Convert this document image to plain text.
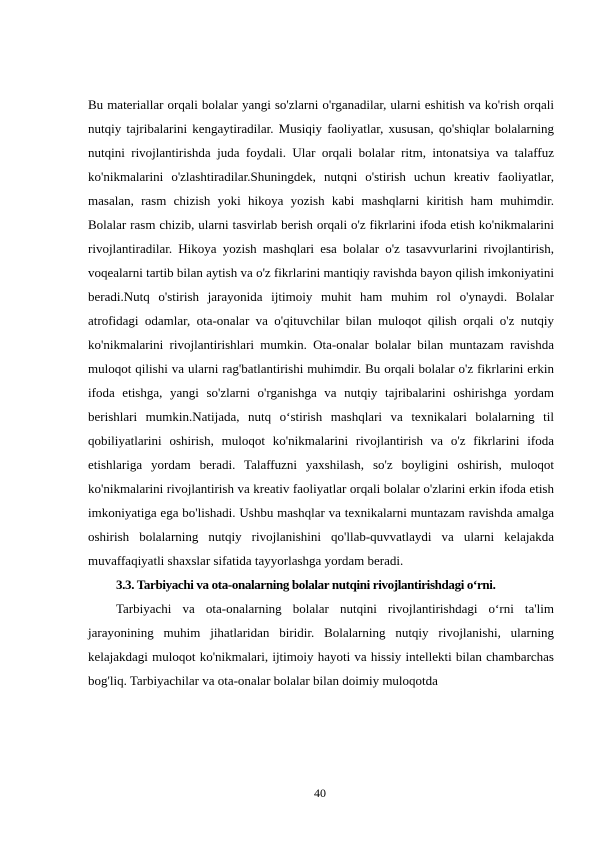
Bu materiallar orqali bolalar yangi so'zlarni o'rganadilar, ularni eshitish va ko'rish orqali nutqiy tajribalarini kengaytiradilar. Musiqiy faoliyatlar, xususan, qo'shiqlar bolalarning nutqini rivojlantirishda juda foydali. Ular orqali bolalar ritm, intonatsiya va talaffuz ko'nikmalarini o'zlashtiradilar.Shuningdek, nutqni o'stirish uchun kreativ faoliyatlar, masalan, rasm chizish yoki hikoya yozish kabi mashqlarni kiritish ham muhimdir. Bolalar rasm chizib, ularni tasvirlab berish orqali o'z fikrlarini ifoda etish ko'nikmalarini rivojlantiradilar. Hikoya yozish mashqlari esa bolalar o'z tasavvurlarini rivojlantirish, voqealarni tartib bilan aytish va o'z fikrlarini mantiqiy ravishda bayon qilish imkoniyatini beradi.Nutq o'stirish jarayonida ijtimoiy muhit ham muhim rol o'ynaydi. Bolalar atrofidagi odamlar, ota-onalar va o'qituvchilar bilan muloqot qilish orqali o'z nutqiy ko'nikmalarini rivojlantirishlari mumkin. Ota-onalar bolalar bilan muntazam ravishda muloqot qilishi va ularni rag'batlantirishi muhimdir. Bu orqali bolalar o'z fikrlarini erkin ifoda etishga, yangi so'zlarni o'rganishga va nutqiy tajribalarini oshirishga yordam berishlari mumkin.Natijada, nutq o‘stirish mashqlari va texnikalari bolalarning til qobiliyatlarini oshirish, muloqot ko'nikmalarini rivojlantirish va o'z fikrlarini ifoda etishlariga yordam beradi. Talaffuzni yaxshilash, so'z boyligini oshirish, muloqot ko'nikmalarini rivojlantirish va kreativ faoliyatlar orqali bolalar o'zlarini erkin ifoda etish imkoniyatiga ega bo'lishadi. Ushbu mashqlar va texnikalarni muntazam ravishda amalga oshirish bolalarning nutqiy rivojlanishini qo'llab-quvvatlaydi va ularni kelajakda muvaffaqiyatli shaxslar sifatida tayyorlashga yordam beradi.

3.3. Tarbiyachi va ota-onalarning bolalar nutqini rivojlantirishdagi o‘rni.

Tarbiyachi va ota-onalarning bolalar nutqini rivojlantirishdagi o‘rni ta'lim jarayonining muhim jihatlaridan biridir. Bolalarning nutqiy rivojlanishi, ularning kelajakdagi muloqot ko'nikmalari, ijtimoiy hayoti va hissiy intellekti bilan chambarchas bog'liq. Tarbiyachilar va ota-onalar bolalar bilan doimiy muloqotda

40
